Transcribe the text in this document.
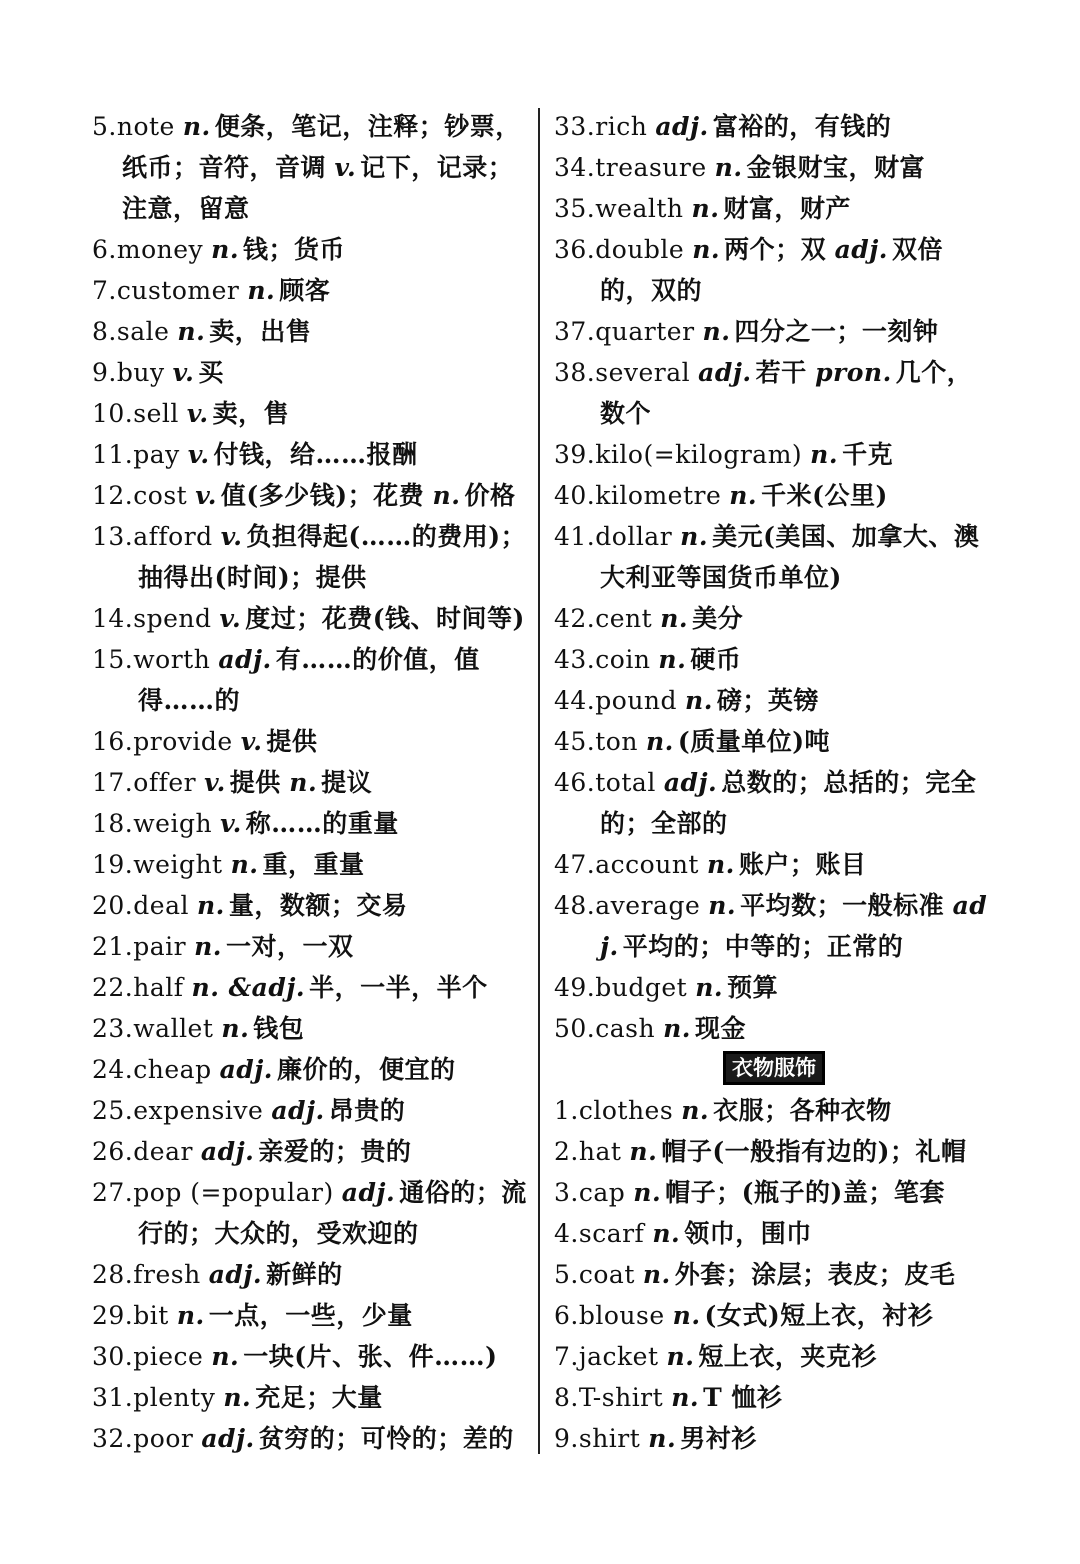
5.note n. 便条，笔记，注释；钞票，纸币；音符，音调 v. 记下，记录；注意，留意

6.money n. 钱；货币

7.customer n. 顾客

8.sale n. 卖，出售

9.buy v. 买

10.sell v. 卖，售

11.pay v. 付钱，给……报酬

12.cost v. 值(多少钱)；花费 n. 价格

13.afford v. 负担得起(……的费用)；抽得出(时间)；提供

14.spend v. 度过；花费(钱、时间等)

15.worth adj. 有……的价值，值得……的

16.provide v. 提供

17.offer v. 提供 n. 提议

18.weigh v. 称……的重量

19.weight n. 重，重量

20.deal n. 量，数额；交易

21.pair n. 一对，一双

22.half n. &adj. 半，一半，半个

23.wallet n. 钱包

24.cheap adj. 廉价的，便宜的

25.expensive adj. 昂贵的

26.dear adj. 亲爱的；贵的

27.pop (=popular) adj. 通俗的；流行的；大众的，受欢迎的

28.fresh adj. 新鲜的

29.bit n. 一点，一些，少量

30.piece n. 一块(片、张、件……)

31.plenty n. 充足；大量

32.poor adj. 贫穷的；可怜的；差的

33.rich adj. 富裕的，有钱的

34.treasure n. 金银财宝，财富

35.wealth n. 财富，财产

36.double n. 两个；双 adj. 双倍的，双的

37.quarter n. 四分之一；一刻钟

38.several adj. 若干 pron. 几个，数个

39.kilo(=kilogram) n. 千克

40.kilometre n. 千米(公里)

41.dollar n. 美元(美国、加拿大、澳大利亚等国货币单位)

42.cent n. 美分

43.coin n. 硬币

44.pound n. 磅；英镑

45.ton n. (质量单位)吨

46.total adj. 总数的；总括的；完全的；全部的

47.account n. 账户；账目

48.average n. 平均数；一般标准 adj. 平均的；中等的；正常的

49.budget n. 预算

50.cash n. 现金

衣物服饰

1.clothes n. 衣服；各种衣物

2.hat n. 帽子(一般指有边的)；礼帽

3.cap n. 帽子；(瓶子的)盖；笔套

4.scarf n. 领巾，围巾

5.coat n. 外套；涂层；表皮；皮毛

6.blouse n. (女式)短上衣，衬衫

7.jacket n. 短上衣，夹克衫

8.T-shirt n. T 恤衫

9.shirt n. 男衬衫
